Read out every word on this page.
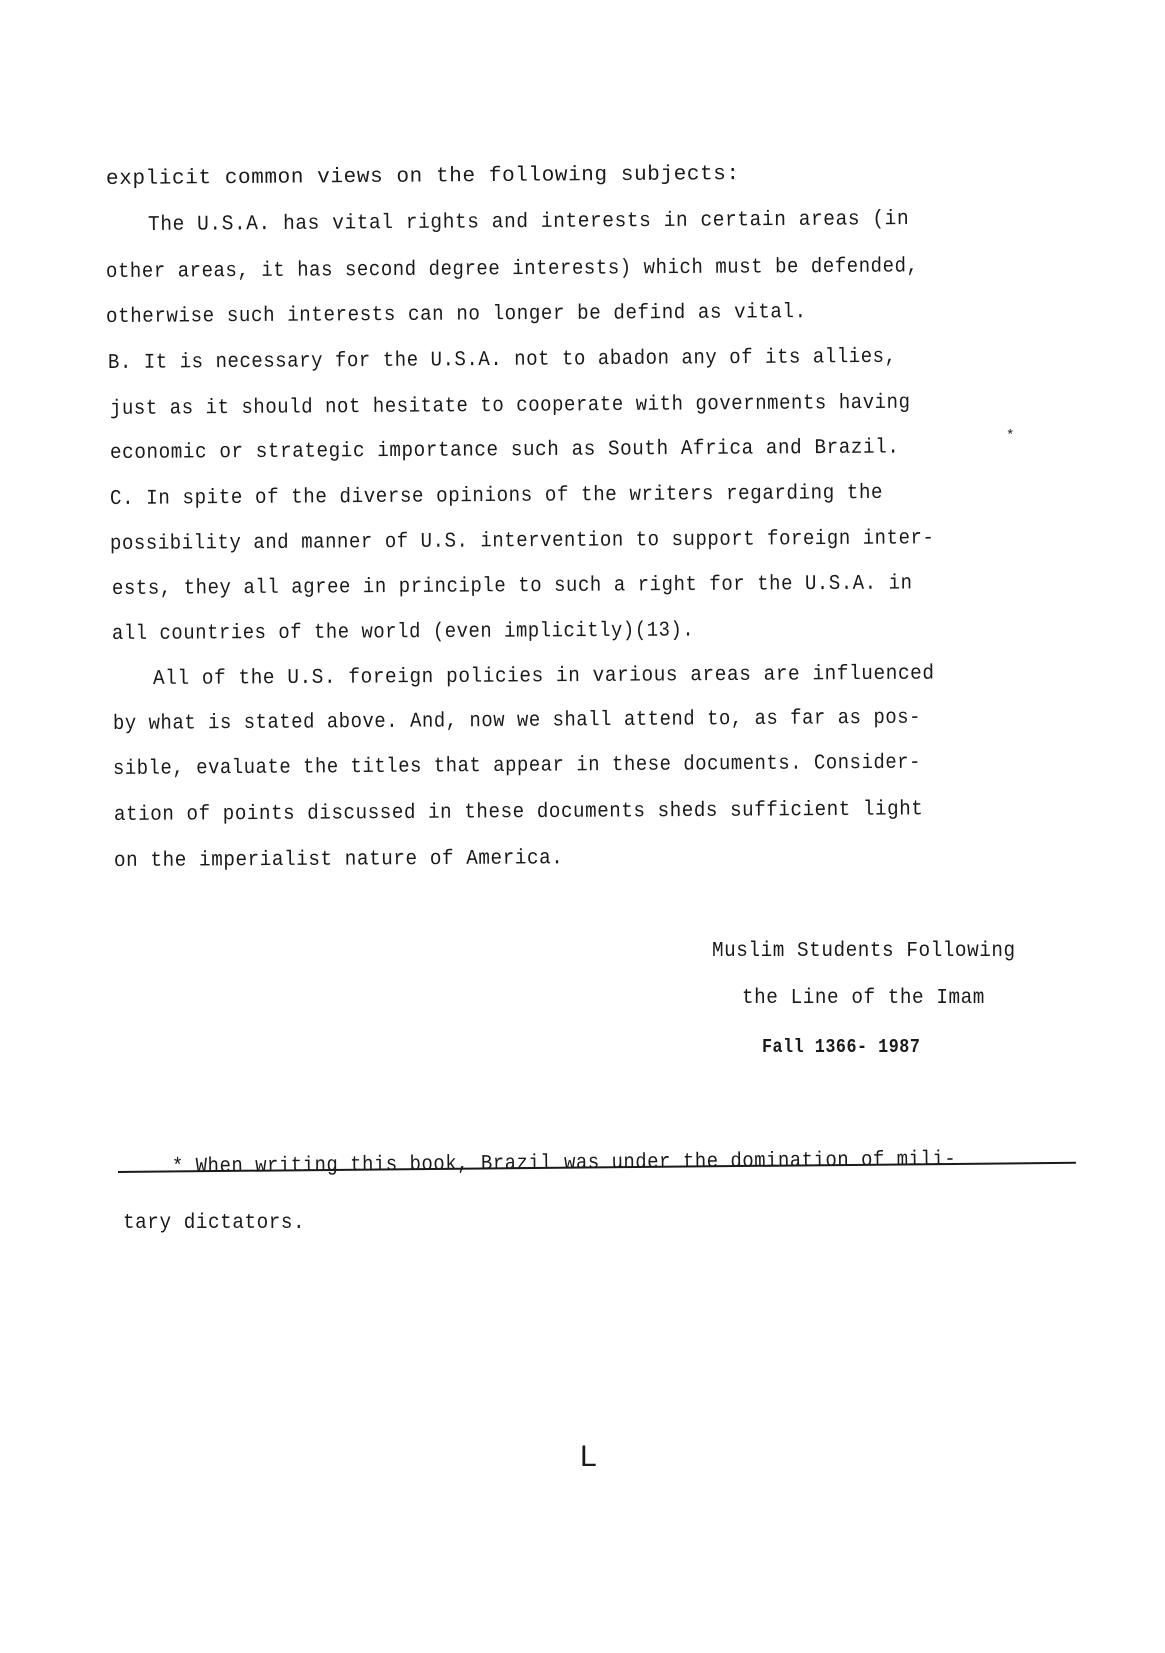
explicit common views on the following subjects:
The U.S.A. has vital rights and interests in certain areas (in
other areas, it has second degree interests) which must be defended,
otherwise such interests can no longer be defind as vital.
B. It is necessary for the U.S.A. not to abadon any of its allies,
just as it should not hesitate to cooperate with governments having
economic or strategic importance such as South Africa and Brazil.
*
C. In spite of the diverse opinions of the writers regarding the
possibility and manner of U.S. intervention to support foreign inter-
ests, they all agree in principle to such a right for the U.S.A. in
all countries of the world (even implicitly)(13).
All of the U.S. foreign policies in various areas are influenced
by what is stated above. And, now we shall attend to, as far as pos-
sible, evaluate the titles that appear in these documents. Consider-
ation of points discussed in these documents sheds sufficient light
on the imperialist nature of America.
Muslim Students Following
the Line of the Imam
Fall 1366- 1987
* When writing this book, Brazil was under the domination of mili-
tary dictators.
L
